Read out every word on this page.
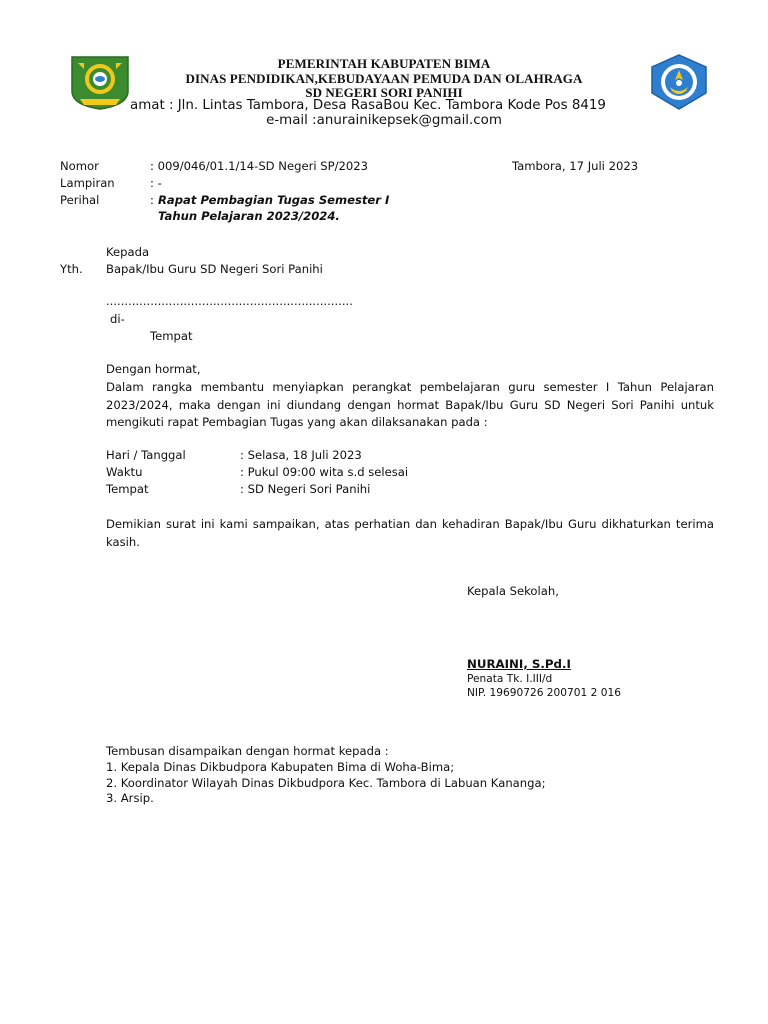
PEMERINTAH KABUPATEN BIMA
DINAS PENDIDIKAN,KEBUDAYAAN PEMUDA DAN OLAHRAGA
SD NEGERI SORI PANIHI
amat : Jln. Lintas Tambora, Desa RasaBou Kec. Tambora Kode Pos 8419
e-mail :anurainikepsek@gmail.com
Nomor	: 009/046/01.1/14-SD Negeri SP/2023	Tambora, 17 Juli 2023
Lampiran	: -
Perihal	: Rapat Pembagian Tugas Semester I
Tahun Pelajaran 2023/2024.
Kepada
Yth. Bapak/Ibu Guru SD Negeri Sori Panihi
...................................................................
di-
Tempat
Dengan hormat,
Dalam rangka membantu menyiapkan perangkat pembelajaran guru semester I Tahun Pelajaran 2023/2024, maka dengan ini diundang dengan hormat Bapak/Ibu Guru SD Negeri Sori Panihi untuk mengikuti rapat Pembagian Tugas yang akan dilaksanakan pada :
Hari / Tanggal	: Selasa, 18 Juli 2023
Waktu	: Pukul 09:00 wita s.d selesai
Tempat	: SD Negeri Sori Panihi
Demikian surat ini kami sampaikan, atas perhatian dan kehadiran Bapak/Ibu Guru dikhaturkan terima kasih.
Kepala Sekolah,
NURAINI, S.Pd.I
Penata Tk. I.III/d
NIP. 19690726 200701 2 016
Tembusan disampaikan dengan hormat kepada :
1. Kepala Dinas Dikbudpora Kabupaten Bima di Woha-Bima;
2. Koordinator Wilayah Dinas Dikbudpora Kec. Tambora di Labuan Kananga;
3. Arsip.
